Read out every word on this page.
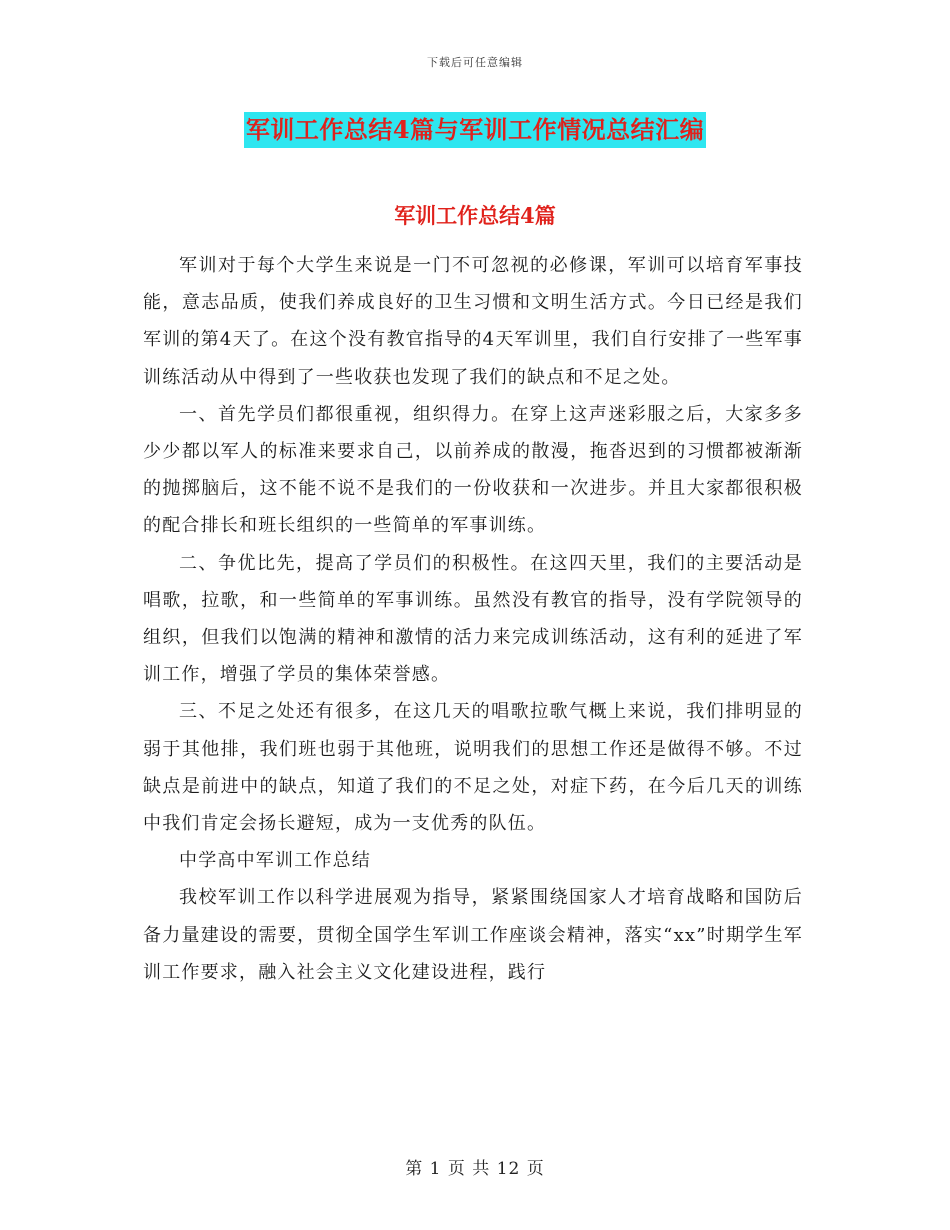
下载后可任意编辑
军训工作总结4篇与军训工作情况总结汇编
军训工作总结4篇

军训对于每个大学生来说是一门不可忽视的必修课，军训可以培育军事技能，意志品质，使我们养成良好的卫生习惯和文明生活方式。今日已经是我们军训的第4天了。在这个没有教官指导的4天军训里，我们自行安排了一些军事训练活动从中得到了一些收获也发现了我们的缺点和不足之处。

一、首先学员们都很重视，组织得力。在穿上这声迷彩服之后，大家多多少少都以军人的标准来要求自己，以前养成的散漫，拖沓迟到的习惯都被渐渐的抛掷脑后，这不能不说不是我们的一份收获和一次进步。并且大家都很积极的配合排长和班长组织的一些简单的军事训练。

二、争优比先，提高了学员们的积极性。在这四天里，我们的主要活动是唱歌，拉歌，和一些简单的军事训练。虽然没有教官的指导，没有学院领导的组织，但我们以饱满的精神和激情的活力来完成训练活动，这有利的延进了军训工作，增强了学员的集体荣誉感。

三、不足之处还有很多，在这几天的唱歌拉歌气概上来说，我们排明显的弱于其他排，我们班也弱于其他班，说明我们的思想工作还是做得不够。不过缺点是前进中的缺点，知道了我们的不足之处，对症下药，在今后几天的训练中我们肯定会扬长避短，成为一支优秀的队伍。

中学高中军训工作总结

我校军训工作以科学进展观为指导，紧紧围绕国家人才培育战略和国防后备力量建设的需要，贯彻全国学生军训工作座谈会精神，落实“xx”时期学生军训工作要求，融入社会主义文化建设进程，践行

第 1 页 共 12 页
